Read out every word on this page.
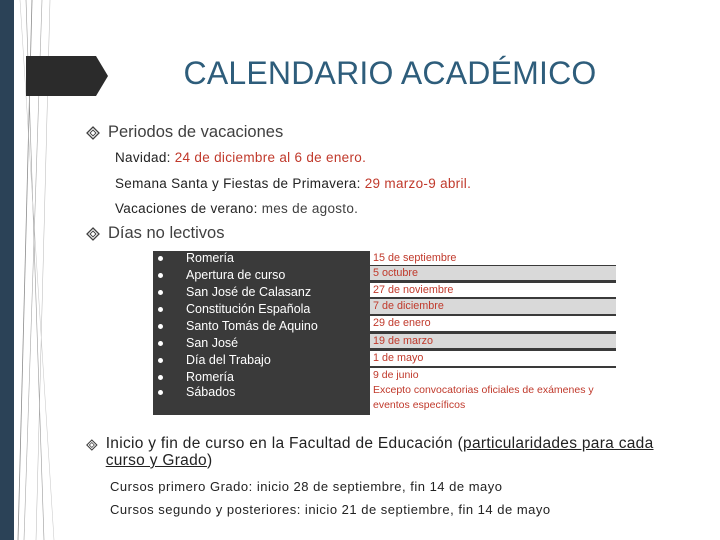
CALENDARIO ACADÉMICO
Periodos de vacaciones
Navidad: 24 de diciembre al 6 de enero.
Semana Santa y Fiestas de Primavera: 29 marzo-9 abril.
Vacaciones de verano: mes de agosto.
Días no lectivos
Romería
Apertura de curso
San José de Calasanz
Constitución Española
Santo Tomás de Aquino
San José
Día del Trabajo
Romería
Sábados
15 de septiembre
5 octubre
27 de noviembre
7 de diciembre
29 de enero
19 de marzo
1 de mayo
9 de junio
Excepto convocatorias oficiales de exámenes y eventos específicos
Inicio y fin de curso en la Facultad de Educación (particularidades para cada curso y Grado)
Cursos primero Grado: inicio 28 de septiembre, fin 14 de mayo
Cursos segundo y posteriores: inicio 21 de septiembre, fin 14 de mayo
